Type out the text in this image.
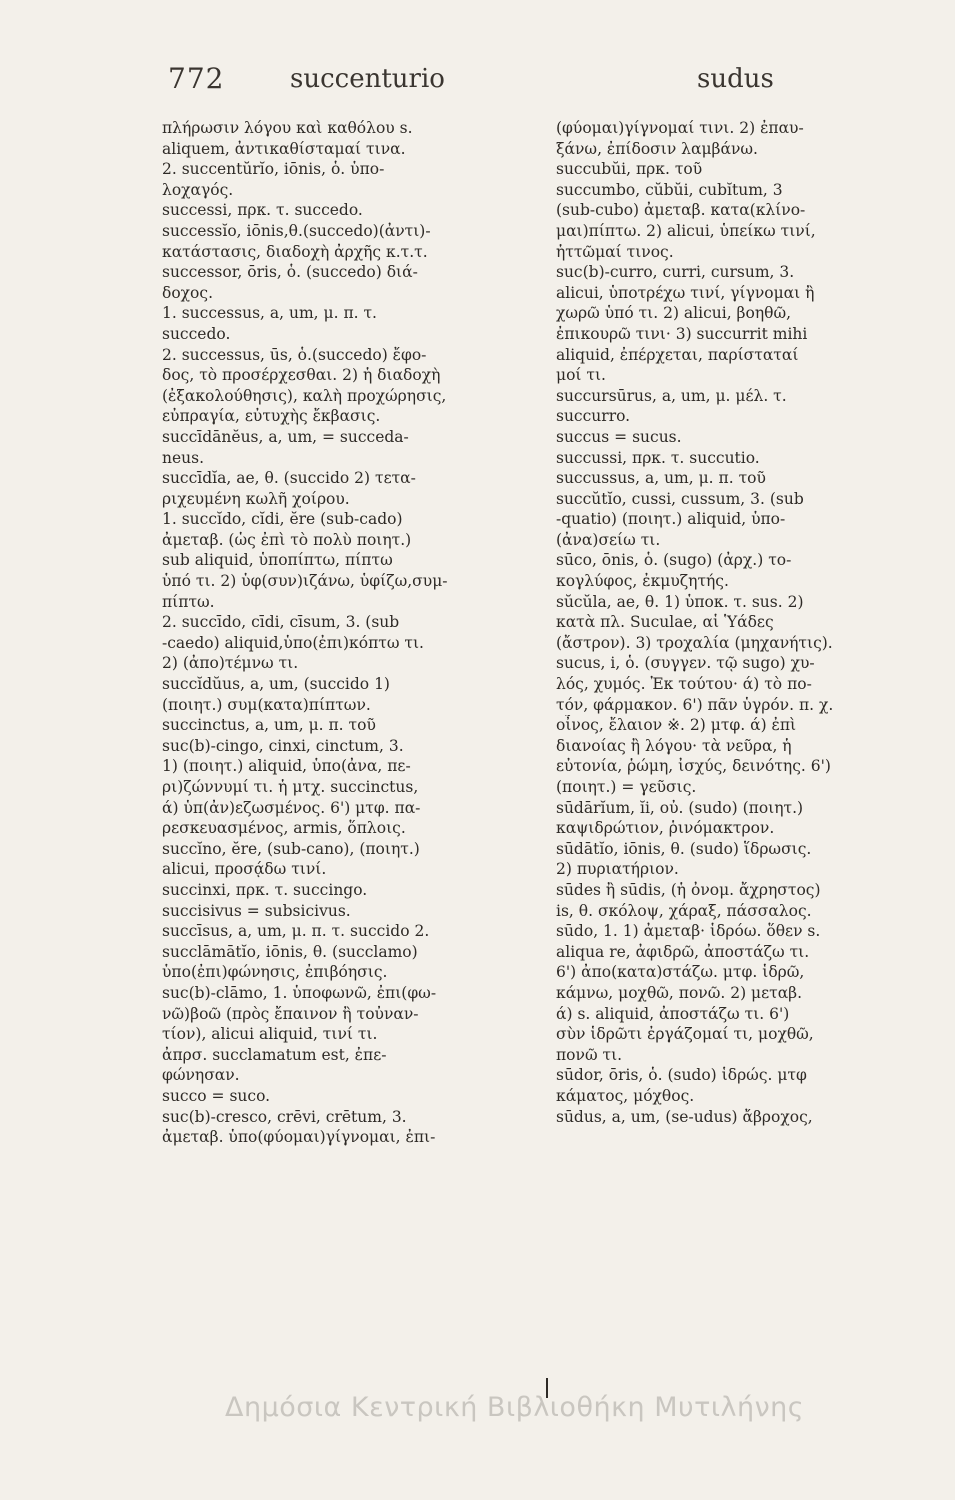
772	succenturio	sudus
πλήρωσιν λόγου καὶ καθόλου s.
aliquem, ἀντικαθίσταμαί τινα.
2. succentŭrĭo, iōnis, ὁ. ὑπο-
λοχαγός.
successi, πρκ. τ. succedo.
successĭo, iōnis,θ.(succedo)(ἀντι)-
κατάστασις, διαδοχὴ ἀρχῆς κ.τ.τ.
successor, ōris, ὁ. (succedo) διά-
δοχος.
1. successus, a, um, μ. π. τ.
succedo.
2. successus, ūs, ὁ.(succedo) ἔφο-
δος, τὸ προσέρχεσθαι. 2) ἡ διαδοχὴ
(ἐξακολούθησις), καλὴ προχώρησις,
εὐπραγία, εὐτυχὴς ἔκβασις.
succīdānĕus, a, um, = succeda-
neus.
succīdĭa, ae, θ. (succido 2) τετα-
ριχευμένη κωλῆ χοίρου.
1. succĭdo, cĭdi, ĕre (sub-cado)
ἀμεταβ. (ὡς ἐπὶ τὸ πολὺ ποιητ.)
sub aliquid, ὑποπίπτω, πίπτω
ὑπό τι. 2) ὑφ(συν)ιζάνω, ὑφίζω,συμ-
πίπτω.
2. succīdo, cīdi, cīsum, 3. (sub
-caedo) aliquid,ὑπο(ἐπι)κόπτω τι.
2) (ἀπο)τέμνω τι.
succĭdŭus, a, um, (succido 1)
(ποιητ.) συμ(κατα)πίπτων.
succinctus, a, um, μ. π. τοῦ
suc(b)-cingo, cinxi, cinctum, 3.
1) (ποιητ.) aliquid, ὑπο(ἀνα, πε-
ρι)ζώννυμί τι. ἡ μτχ. succinctus,
ά) ὑπ(ἀν)εζωσμένος. 6') μτφ. πα-
ρεσκευασμένος, armis, ὅπλοις.
succĭno, ĕre, (sub-cano), (ποιητ.)
alicui, προσᾴδω τινί.
succinxi, πρκ. τ. succingo.
succisivus = subsicivus.
succīsus, a, um, μ. π. τ. succido 2.
succlāmātĭo, iōnis, θ. (succlamo)
ὑπο(ἐπι)φώνησις, ἐπιβόησις.
suc(b)-clāmo, 1. ὑποφωνῶ, ἐπι(φω-
νῶ)βοῶ (πρὸς ἔπαινον ἢ τοὐναν-
τίον), alicui aliquid, τινί τι.
ἀπρσ. succlamatum est, ἐπε-
φώνησαν.
succo = suco.
suc(b)-cresco, crēvi, crētum, 3.
ἀμεταβ. ὑπο(φύομαι)γίγνομαι, ἐπι-
(φύομαι)γίγνομαί τινι. 2) ἐπαυ-
ξάνω, ἐπίδοσιν λαμβάνω.
succubŭi, πρκ. τοῦ
succumbo, cŭbŭi, cubĭtum, 3
(sub-cubo) ἀμεταβ. κατα(κλίνο-
μαι)πίπτω. 2) alicui, ὑπείκω τινί,
ἡττῶμαί τινος.
suc(b)-curro, curri, cursum, 3.
alicui, ὑποτρέχω τινί, γίγνομαι ἢ
χωρῶ ὑπό τι. 2) alicui, βοηθῶ,
ἐπικουρῶ τινι· 3) succurrit mihi
aliquid, ἐπέρχεται, παρίσταταί
μοί τι.
succursūrus, a, um, μ. μέλ. τ.
succurro.
succus = sucus.
succussi, πρκ. τ. succutio.
succussus, a, um, μ. π. τοῦ
succŭtĭo, cussi, cussum, 3. (sub
-quatio) (ποιητ.) aliquid, ὑπο-
(ἀνα)σείω τι.
sūco, ōnis, ὁ. (sugo) (ἀρχ.) το-
κογλύφος, ἐκμυζητής.
sŭcŭla, ae, θ. 1) ὑποκ. τ. sus. 2)
κατὰ πλ. Suculae, αἱ Ὑάδες
(ἄστρον). 3) τροχαλία (μηχανήτις).
sucus, i, ὁ. (συγγεν. τῷ sugo) χυ-
λός, χυμός. Ἐκ τούτου· ά) τὸ πο-
τόν, φάρμακον. 6') πᾶν ὑγρόν. π. χ.
οἶνος, ἔλαιον ※. 2) μτφ. ά) ἐπὶ
διανοίας ἢ λόγου· τὰ νεῦρα, ἡ
εὐτονία, ῥώμη, ἰσχύς, δεινότης. 6')
(ποιητ.) = γεῦσις.
sūdārĭum, ĭi, οὐ. (sudo) (ποιητ.)
καψιδρώτιον, ῥινόμακτρον.
sūdātĭo, iōnis, θ. (sudo) ἵδρωσις.
2) πυριατήριον.
sūdes ἢ sūdis, (ἡ ὀνομ. ἄχρηστος)
is, θ. σκόλοψ, χάραξ, πάσσαλος.
sūdo, 1. 1) ἀμεταβ· ἱδρόω. ὅθεν s.
aliqua re, ἀφιδρῶ, ἀποστάζω τι.
6') ἀπο(κατα)στάζω. μτφ. ἱδρῶ,
κάμνω, μοχθῶ, πονῶ. 2) μεταβ.
ά) s. aliquid, ἀποστάζω τι. 6')
σὺν ἱδρῶτι ἐργάζομαί τι, μοχθῶ,
πονῶ τι.
sūdor, ōris, ὁ. (sudo) ἱδρώς. μτφ
κάματος, μόχθος.
sūdus, a, um, (se-udus) ἄβροχος,
Δημόσια Κεντρική Βιβλιοθήκη Μυτιλήνης
